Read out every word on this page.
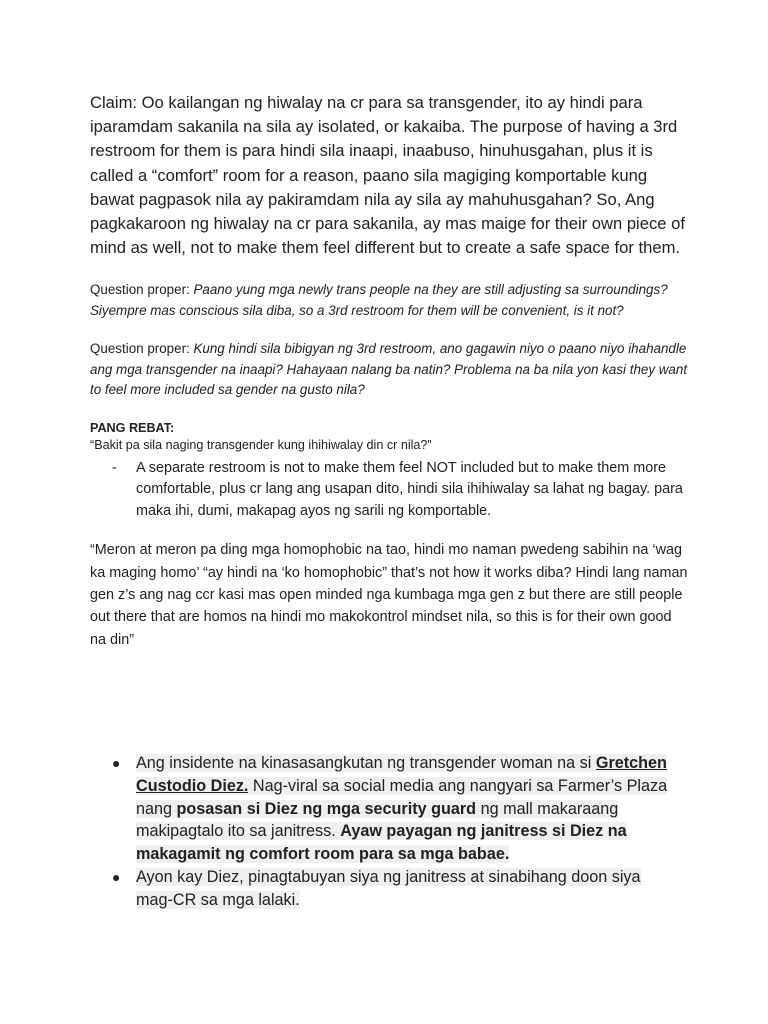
Claim: Oo kailangan ng hiwalay na cr para sa transgender, ito ay hindi para iparamdam sakanila na sila ay isolated, or kakaiba. The purpose of having a 3rd restroom for them is para hindi sila inaapi, inaabuso, hinuhusgahan, plus it is called a “comfort” room for a reason, paano sila magiging komportable kung bawat pagpasok nila ay pakiramdam nila ay sila ay mahuhusgahan? So, Ang pagkakaroon ng hiwalay na cr para sakanila, ay mas maige for their own piece of mind as well, not to make them feel different but to create a safe space for them.

Question proper: Paano yung mga newly trans people na they are still adjusting sa surroundings? Siyempre mas conscious sila diba, so a 3rd restroom for them will be convenient, is it not?

Question proper: Kung hindi sila bibigyan ng 3rd restroom, ano gagawin niyo o paano niyo ihahandle ang mga transgender na inaapi? Hahayaan nalang ba natin? Problema na ba nila yon kasi they want to feel more included sa gender na gusto nila?

PANG REBAT:
“Bakit pa sila naging transgender kung ihihiwalay din cr nila?”
- A separate restroom is not to make them feel NOT included but to make them more comfortable, plus cr lang ang usapan dito, hindi sila ihihiwalay sa lahat ng bagay. para maka ihi, dumi, makapag ayos ng sarili ng komportable.
“Meron at meron pa ding mga homophobic na tao, hindi mo naman pwedeng sabihin na ‘wag ka maging homo’ “ay hindi na ‘ko homophobic” that’s not how it works diba? Hindi lang naman gen z’s ang nag ccr kasi mas open minded nga kumbaga mga gen z but there are still people out there that are homos na hindi mo makokontrol mindset nila, so this is for their own good na din”
● Ang insidente na kinasasangkutan ng transgender woman na si Gretchen Custodio Diez. Nag-viral sa social media ang nangyari sa Farmer’s Plaza nang posasan si Diez ng mga security guard ng mall makaraang makipagtalo ito sa janitress. Ayaw payagan ng janitress si Diez na makagamit ng comfort room para sa mga babae.
● Ayon kay Diez, pinagtabuyan siya ng janitress at sinabihang doon siya mag-CR sa mga lalaki.
